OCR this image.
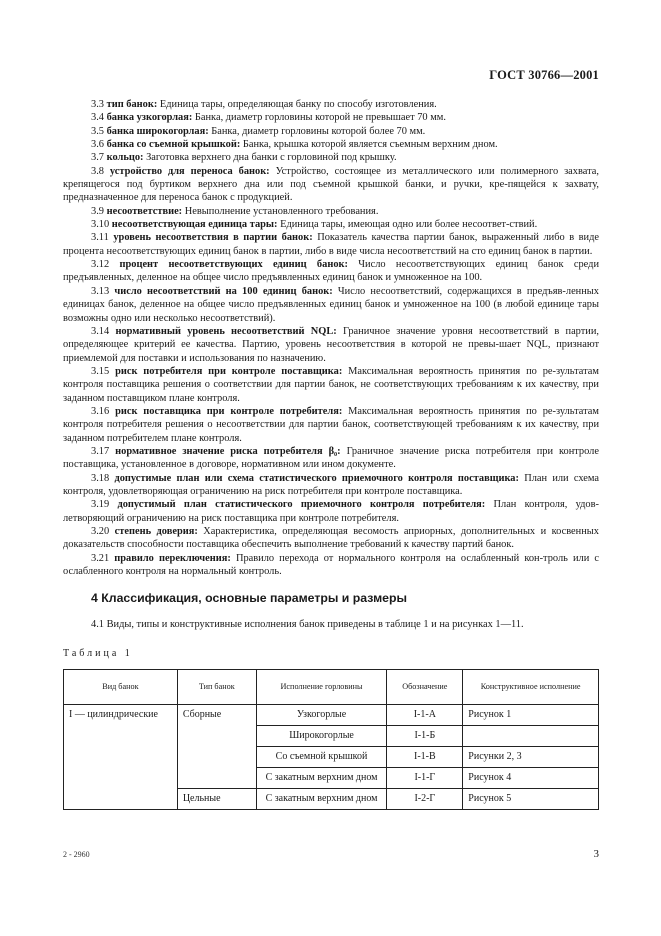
ГОСТ 30766—2001

3.3 тип банок: Единица тары, определяющая банку по способу изготовления.

3.4 банка узкогорлая: Банка, диаметр горловины которой не превышает 70 мм.

3.5 банка широкогорлая: Банка, диаметр горловины которой более 70 мм.

3.6 банка со съемной крышкой: Банка, крышка которой является съемным верхним дном.

3.7 кольцо: Заготовка верхнего дна банки с горловиной под крышку.

3.8 устройство для переноса банок: Устройство, состоящее из металлического или полимерного захвата, крепящегося под буртиком верхнего дна или под съемной крышкой банки, и ручки, кре-пящейся к захвату, предназначенное для переноса банок с продукцией.

3.9 несоответствие: Невыполнение установленного требования.

3.10 несоответствующая единица тары: Единица тары, имеющая одно или более несоответ-ствий.

3.11 уровень несоответствия в партии банок: Показатель качества партии банок, выраженный либо в виде процента несоответствующих единиц банок в партии, либо в виде числа несоответствий на сто единиц банок в партии.

3.12 процент несоответствующих единиц банок: Число несоответствующих единиц банок среди предъявленных, деленное на общее число предъявленных единиц банок и умноженное на 100.

3.13 число несоответствий на 100 единиц банок: Число несоответствий, содержащихся в предъяв-ленных единицах банок, деленное на общее число предъявленных единиц банок и умноженное на 100 (в любой единице тары возможны одно или несколько несоответствий).

3.14 нормативный уровень несоответствий NQL: Граничное значение уровня несоответствий в партии, определяющее критерий ее качества. Партию, уровень несоответствия в которой не превы-шает NQL, признают приемлемой для поставки и использования по назначению.

3.15 риск потребителя при контроле поставщика: Максимальная вероятность принятия по ре-зультатам контроля поставщика решения о соответствии для партии банок, не соответствующих требованиям к их качеству, при заданном поставщиком плане контроля.

3.16 риск поставщика при контроле потребителя: Максимальная вероятность принятия по ре-зультатам контроля потребителя решения о несоответствии для партии банок, соответствующей требованиям к их качеству, при заданном потребителем плане контроля.

3.17 нормативное значение риска потребителя β₀: Граничное значение риска потребителя при контроле поставщика, установленное в договоре, нормативном или ином документе.

3.18 допустимые план или схема статистического приемочного контроля поставщика: План или схема контроля, удовлетворяющая ограничению на риск потребителя при контроле поставщика.

3.19 допустимый план статистического приемочного контроля потребителя: План контроля, удов-летворяющий ограничению на риск поставщика при контроле потребителя.

3.20 степень доверия: Характеристика, определяющая весомость априорных, дополнительных и косвенных доказательств способности поставщика обеспечить выполнение требований к качеству партий банок.

3.21 правило переключения: Правило перехода от нормального контроля на ослабленный кон-троль или с ослабленного контроля на нормальный контроль.

4 Классификация, основные параметры и размеры

4.1 Виды, типы и конструктивные исполнения банок приведены в таблице 1 и на рисунках 1—11.

Таблица 1
Вид банок	Тип банок	Исполнение горловины	Обозначение	Конструктивное исполнение
I — цилиндрические	Сборные	Узкогорлые	I-1-А	Рисунок 1
		Широкогорлые	I-1-Б	
		Со съемной крышкой	I-1-В	Рисунки 2, 3
		С закатным верхним дном	I-1-Г	Рисунок 4
	Цельные	С закатным верхним дном	I-2-Г	Рисунок 5
2 - 2960	3
